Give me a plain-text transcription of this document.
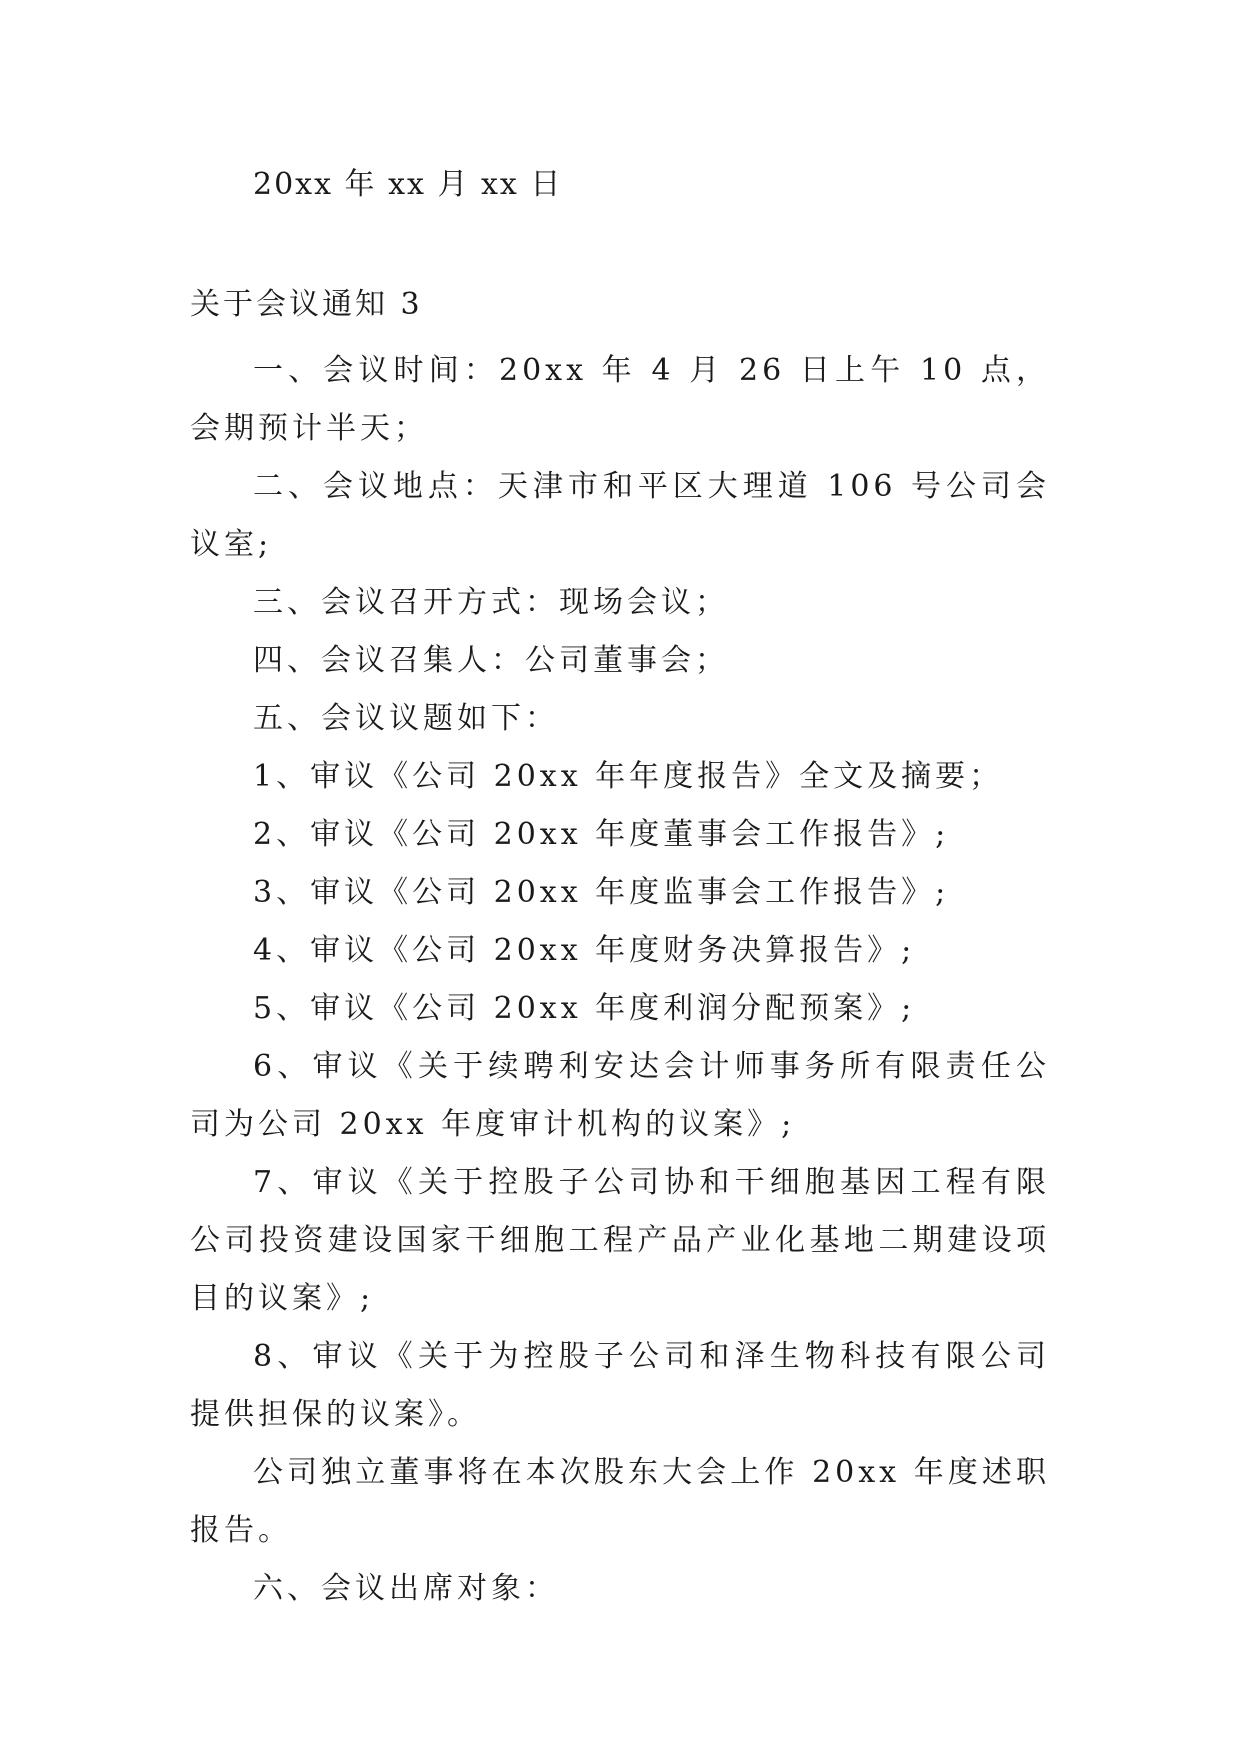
20xx 年 xx 月 xx 日
关于会议通知 3

一、会议时间：20xx 年 4 月 26 日上午 10 点，会期预计半天；

二、会议地点：天津市和平区大理道 106 号公司会议室;

三、会议召开方式：现场会议；

四、会议召集人：公司董事会；

五、会议议题如下：

1、审议《公司 20xx 年年度报告》全文及摘要；

2、审议《公司 20xx 年度董事会工作报告》;

3、审议《公司 20xx 年度监事会工作报告》;

4、审议《公司 20xx 年度财务决算报告》;

5、审议《公司 20xx 年度利润分配预案》;

6、审议《关于续聘利安达会计师事务所有限责任公司为公司 20xx 年度审计机构的议案》;

7、审议《关于控股子公司协和干细胞基因工程有限公司投资建设国家干细胞工程产品产业化基地二期建设项目的议案》;

8、审议《关于为控股子公司和泽生物科技有限公司提供担保的议案》。

公司独立董事将在本次股东大会上作 20xx 年度述职报告。

六、会议出席对象：
